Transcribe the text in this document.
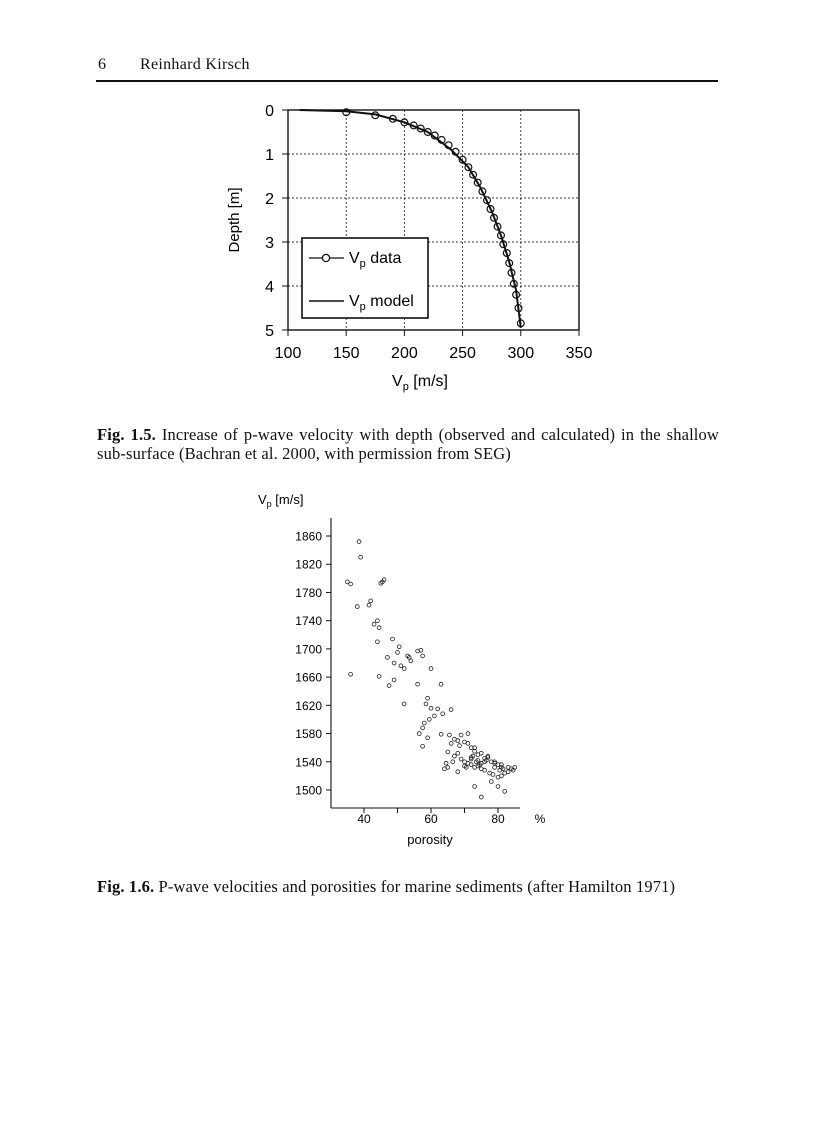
6 Reinhard Kirsch
0
1
2
3
4
5
100 150 200 250 300 350
$V_p$ data
$V_p$ model
Depth [m]
$V_p$ [m/s]
Fig. 1.5. Increase of p-wave velocity with depth (observed and calculated) in the shallow sub-surface (Bachran et al. 2000, with permission from SEG)
$V_p$ [m/s]
1500
1540
1580
1620
1660
1700
1740
1780
1820
1860
40	60	80 %
porosity
Fig. 1.6. P-wave velocities and porosities for marine sediments (after Hamilton 1971)
